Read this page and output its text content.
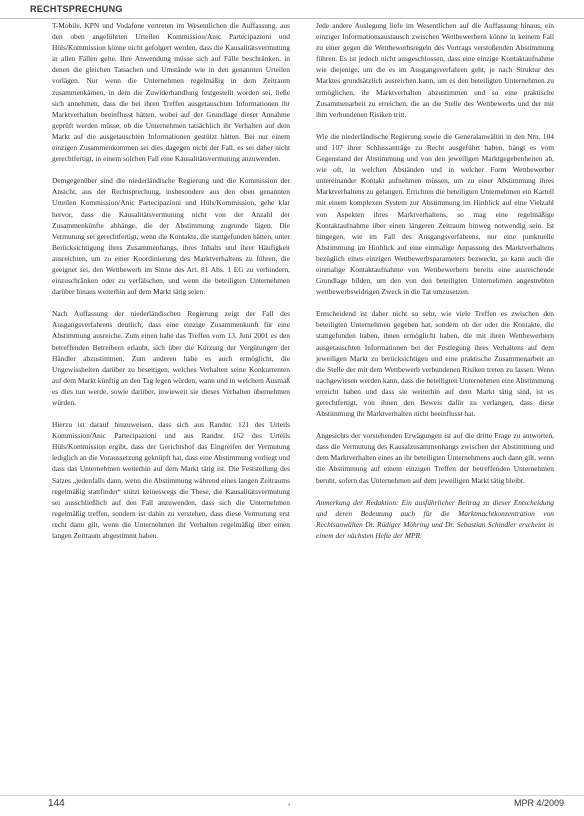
RECHTSPRECHUNG

T-Mobile, KPN und Vodafone vertreten im Wesentlichen die Auffassung, aus den oben angeführten Urteilen Kommission/Anic Partecipazioni und Hüls/Kommission könne nicht gefolgert werden, dass die Kausalitätsvermutung in allen Fällen gelte. Ihre Anwendung müsse sich auf Fälle beschränken, in denen die gleichen Tatsachen und Umstände wie in den genannten Urteilen vorlägen. Nur wenn die Unternehmen regelmäßig in dem Zeitraum zusammenkämen, in dem die Zuwiderhandlung festgestellt worden sei, ließe sich annehmen, dass die bei ihren Treffen ausgetauschten Informationen ihr Marktverhalten beeinflusst hätten, wobei auf der Grundlage dieser Annahme geprüft werden müsse, ob die Unternehmen tatsächlich ihr Verhalten auf dem Markt auf die ausgetauschten Informationen gestützt hätten. Bei nur einem einzigen Zusammenkommen sei dies dagegen nicht der Fall, es sei daher nicht gerechtfertigt, in einem solchen Fall eine Kausalitätsvermutung anzuwenden.

Demgegenüber sind die niederländische Regierung und die Kommission der Ansicht, aus der Rechtsprechung, insbesondere aus den oben genannten Urteilen Kommission/Anic Partecipazioni und Hüls/Kommission, gehe klar hervor, dass die Kausalitätsvermutung nicht von der Anzahl der Zusammenkünfte abhänge, die der Abstimmung zugrunde lägen. Die Vermutung sei gerechtfertigt, wenn die Kontakte, die stattgefunden hätten, unter Berücksichtigung ihres Zusammenhangs, ihres Inhalts und ihrer Häufigkeit ausreichten, um zu einer Koordinierung des Marktverhaltens zu führen, die geeignet sei, den Wettbewerb im Sinne des Art. 81 Abs. 1 EG zu verhindern, einzuschränken oder zu verfälschen, und wenn die beteiligten Unternehmen darüber hinaus weiterhin auf dem Markt tätig seien.

Nach Auffassung der niederländischen Regierung zeigt der Fall des Ausgangsverfahrens deutlich, dass eine einzige Zusammenkunft für eine Abstimmung ausreiche. Zum einen habe das Treffen vom 13. Juni 2001 es den betreffenden Betreibern erlaubt, sich über die Kürzung der Vergütungen der Händler abzustimmen. Zum anderen habe es auch ermöglicht, die Ungewissheiten darüber zu beseitigen, welches Verhalten seine Konkurrenten auf dem Markt künftig an den Tag legen würden, wann und in welchem Ausmaß es dies tun werde, sowie darüber, inwieweit sie dieses Verhalten übernehmen würden.

Hierzu ist darauf hinzuweisen, dass sich aus Randnr. 121 des Urteils Kommission/Anic Partecipazioni und aus Randnr. 162 des Urteils Hüls/Kommission ergibt, dass der Gerichtshof das Eingreifen der Vermutung lediglich an die Voraussetzung geknüpft hat, dass eine Abstimmung vorliegt und dass das Unternehmen weiterhin auf dem Markt tätig ist. Die Feststellung des Satzes „jedenfalls dann, wenn die Abstimmung während eines langen Zeitraums regelmäßig stattfindet“ stützt keineswegs die These, die Kausalitätsvermutung sei ausschließlich auf den Fall anzuwenden, dass sich die Unternehmen regelmäßig treffen, sondern ist dahin zu verstehen, dass diese Vermutung erst recht dann gilt, wenn die Unternehmen ihr Verhalten regelmäßig über einen langen Zeitraum abgestimmt haben.

Jede andere Auslegung liefe im Wesentlichen auf die Auffassung hinaus, ein einziger Informationsaustausch zwischen Wettbewerbern könne in keinem Fall zu einer gegen die Wettbewerbsregeln des Vertrags verstoßenden Abstimmung führen. Es ist jedoch nicht ausgeschlossen, dass eine einzige Kontaktaufnahme wie diejenige, um die es im Ausgangsverfahren geht, je nach Struktur des Marktes grundsätzlich ausreichen kann, um es den beteiligten Unternehmen zu ermöglichen, ihr Marktverhalten abzustimmen und so eine praktische Zusammenarbeit zu erreichen, die an die Stelle des Wettbewerbs und der mit ihm verbundenen Risiken tritt.

Wie die niederländische Regierung sowie die Generalanwältin in den Nrn. 104 und 107 ihrer Schlussanträge zu Recht ausgeführt haben, hängt es vom Gegenstand der Abstimmung und von den jeweiligen Marktgegebenheiten ab, wie oft, in welchen Abständen und in welcher Form Wettbewerber untereinander Kontakt aufnehmen müssen, um zu einer Abstimmung ihres Marktverhaltens zu gelangen. Errichten die beteiligten Unternehmen ein Kartell mit einem komplexen System zur Abstimmung im Hinblick auf eine Vielzahl von Aspekten ihres Marktverhaltens, so mag eine regelmäßige Kontaktaufnahme über einen längeren Zeitraum hinweg notwendig sein. Ist hingegen, wie im Fall des Ausgangsverfahrens, nur eine punktuelle Abstimmung im Hinblick auf eine einmalige Anpassung des Marktverhaltens bezüglich eines einzigen Wettbewerbsparameters bezweckt, so kann auch die einmalige Kontaktaufnahme von Wettbewerbern bereits eine ausreichende Grundlage bilden, um den von den beteiligten Unternehmen angestrebten wettbewerbswidrigen Zweck in die Tat umzusetzen.

Entscheidend ist daher nicht so sehr, wie viele Treffen es zwischen den beteiligten Unternehmen gegeben hat, sondern ob der oder die Kontakte, die stattgefunden haben, ihnen ermöglicht haben, die mit ihren Wettbewerbern ausgetauschten Informationen bei der Festlegung ihres Verhaltens auf dem jeweiligen Markt zu berücksichtigen und eine praktische Zusammenarbeit an die Stelle der mit dem Wettbewerb verbundenen Risiken treten zu lassen. Wenn nachgewiesen werden kann, dass die beteiligten Unternehmen eine Abstimmung erreicht haben und dass sie weiterhin auf dem Markt tätig sind, ist es gerechtfertigt, von ihnen den Beweis dafür zu verlangen, dass diese Abstimmung ihr Marktverhalten nicht beeinflusst hat.

Angesichts der vorstehenden Erwägungen ist auf die dritte Frage zu antworten, dass die Vermutung des Kausalzusammenhangs zwischen der Abstimmung und dem Marktverhalten eines an ihr beteiligten Unternehmens auch dann gilt, wenn die Abstimmung auf einem einzigen Treffen der betreffenden Unternehmen beruht, sofern das Unternehmen auf dem jeweiligen Markt tätig bleibt.

Anmerkung der Redaktion: Ein ausführlicher Beitrag zu dieser Entscheidung und deren Bedeutung auch für die Marktmachtkonzentration von Rechtsanwälten Dr. Rüdiger Möhring und Dr. Sebastian Schindler erscheint in einem der nächsten Hefte der MPR.

144	•	MPR 4/2009
